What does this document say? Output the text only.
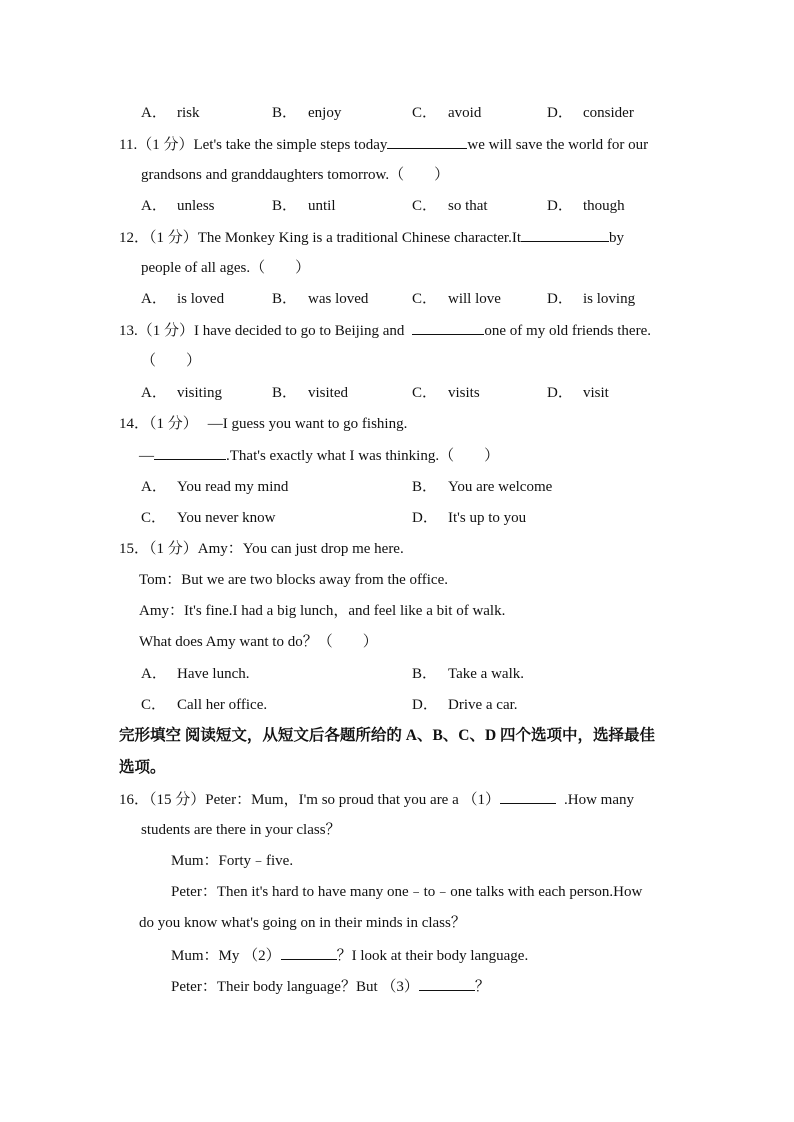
A． risk	B． enjoy	C． avoid	D． consider
11.（1 分）Let's take the simple steps today	we will save the world for our
grandsons and granddaughters tomorrow.（　　）
A． unless	B． until	C． so that	D． though
12．（1 分）The Monkey King is a traditional Chinese character.It	by
people of all ages.（　　）
A． is loved	B． was loved	C． will love	D． is loving
13.（1 分）I have decided to go to Beijing and	one of my old friends there.
（　　）
A． visiting	B． visited	C． visits	D． visit
14．（1 分） —I guess you want to go fishing.
—	.That's exactly what I was thinking.（　　）
A． You read my mind	B． You are welcome
C． You never know	D． It's up to you
15．（1 分）Amy：You can just drop me here.
Tom：But we are two blocks away from the office.
Amy：It's fine.I had a big lunch，and feel like a bit of walk.
What does Amy want to do？（　　）
A． Have lunch.	B． Take a walk.
C． Call her office.	D． Drive a car.
完形填空 阅读短文，从短文后各题所给的 A、B、C、D 四个选项中，选择最佳
选项。
16．（15 分）Peter：Mum，I'm so proud that you are a （1）	.How many
students are there in your class？
Mum：Forty﹣five.
Peter：Then it's hard to have many one﹣to﹣one talks with each person.How
do you know what's going on in their minds in class？
Mum：My （2）	？I look at their body language.
Peter：Their body language？But （3）	？
